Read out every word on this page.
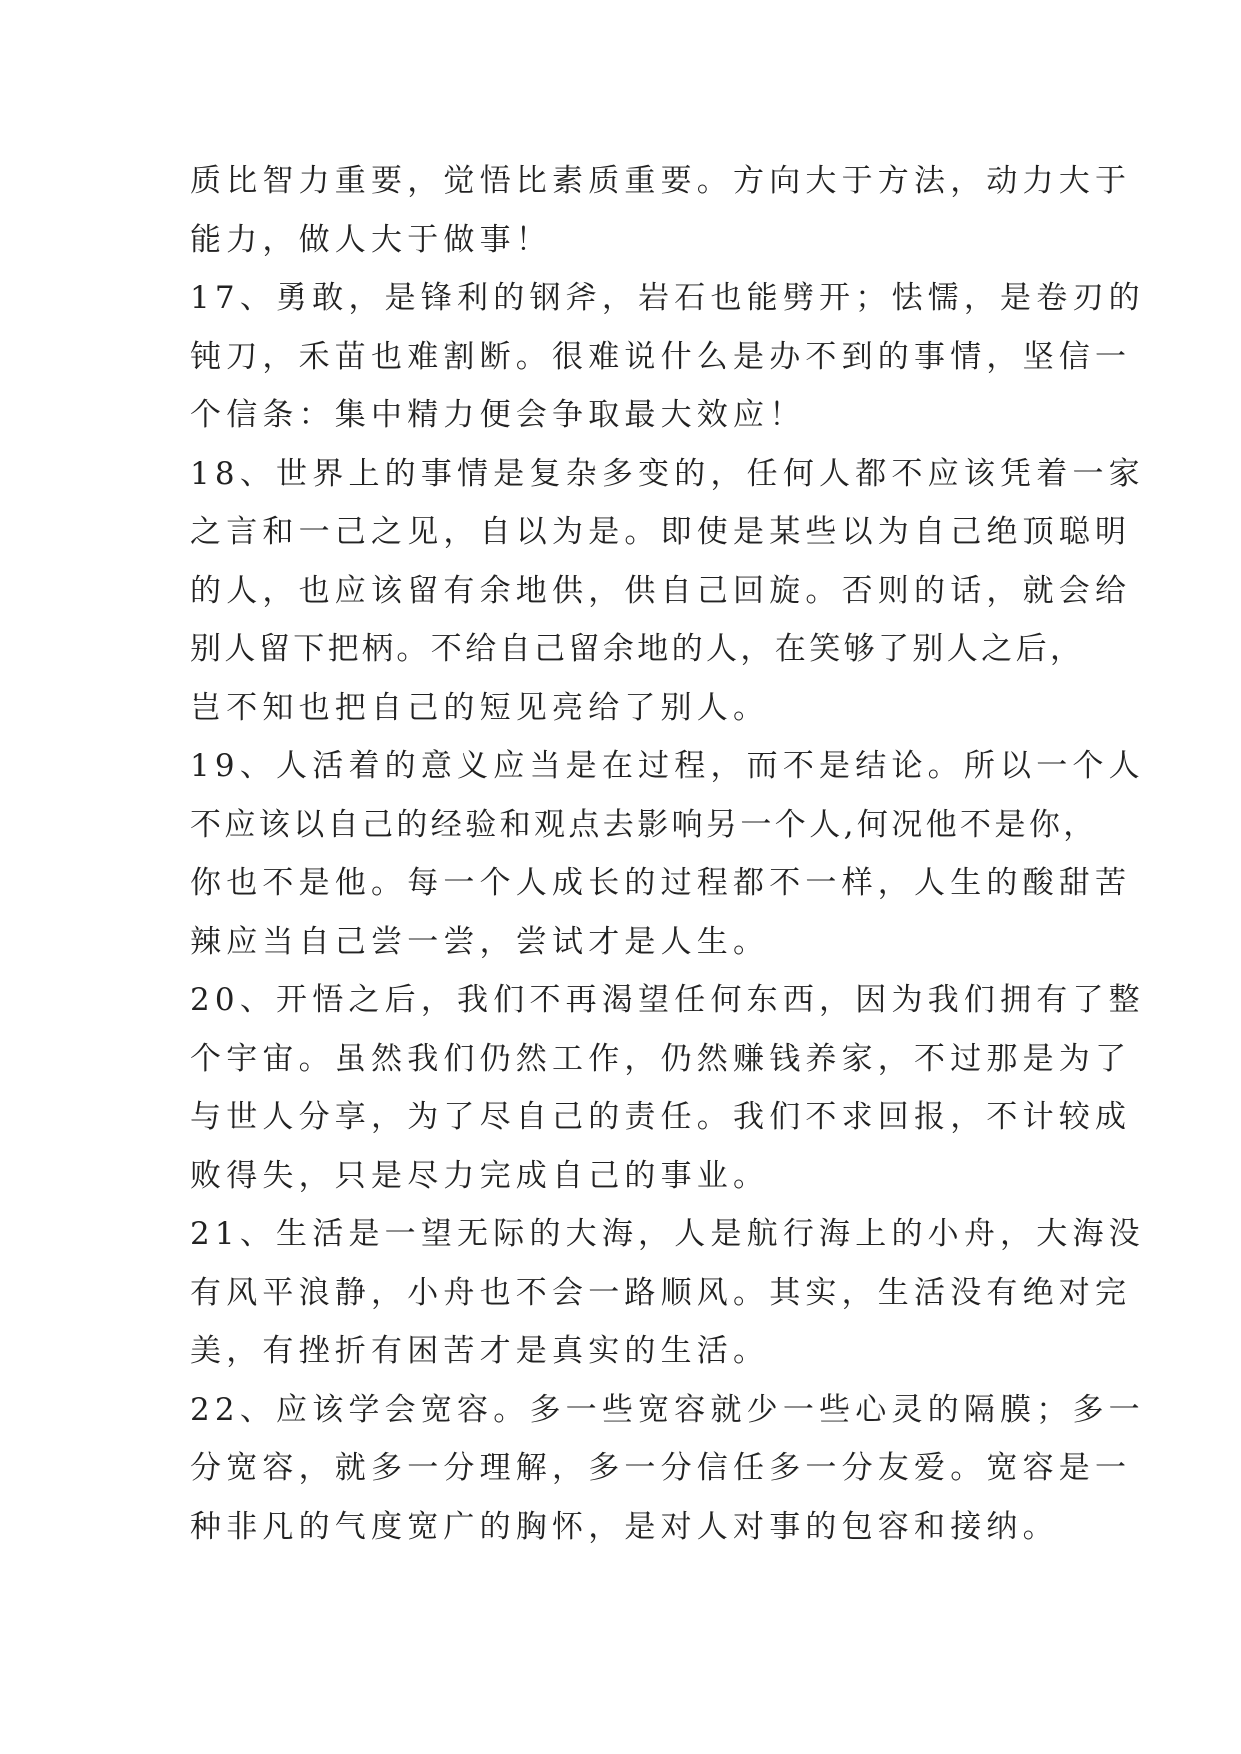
质比智力重要，觉悟比素质重要。方向大于方法，动力大于
能力，做人大于做事！
17、勇敢，是锋利的钢斧，岩石也能劈开；怯懦，是卷刃的
钝刀，禾苗也难割断。很难说什么是办不到的事情，坚信一
个信条：集中精力便会争取最大效应！
18、世界上的事情是复杂多变的，任何人都不应该凭着一家
之言和一己之见，自以为是。即使是某些以为自己绝顶聪明
的人，也应该留有余地供，供自己回旋。否则的话，就会给
别人留下把柄。不给自己留余地的人，在笑够了别人之后，
岂不知也把自己的短见亮给了别人。
19、人活着的意义应当是在过程，而不是结论。所以一个人
不应该以自己的经验和观点去影响另一个人,何况他不是你，
你也不是他。每一个人成长的过程都不一样，人生的酸甜苦
辣应当自己尝一尝，尝试才是人生。
20、开悟之后，我们不再渴望任何东西，因为我们拥有了整
个宇宙。虽然我们仍然工作，仍然赚钱养家，不过那是为了
与世人分享，为了尽自己的责任。我们不求回报，不计较成
败得失，只是尽力完成自己的事业。
21、生活是一望无际的大海，人是航行海上的小舟，大海没
有风平浪静，小舟也不会一路顺风。其实，生活没有绝对完
美，有挫折有困苦才是真实的生活。
22、应该学会宽容。多一些宽容就少一些心灵的隔膜；多一
分宽容，就多一分理解，多一分信任多一分友爱。宽容是一
种非凡的气度宽广的胸怀，是对人对事的包容和接纳。
